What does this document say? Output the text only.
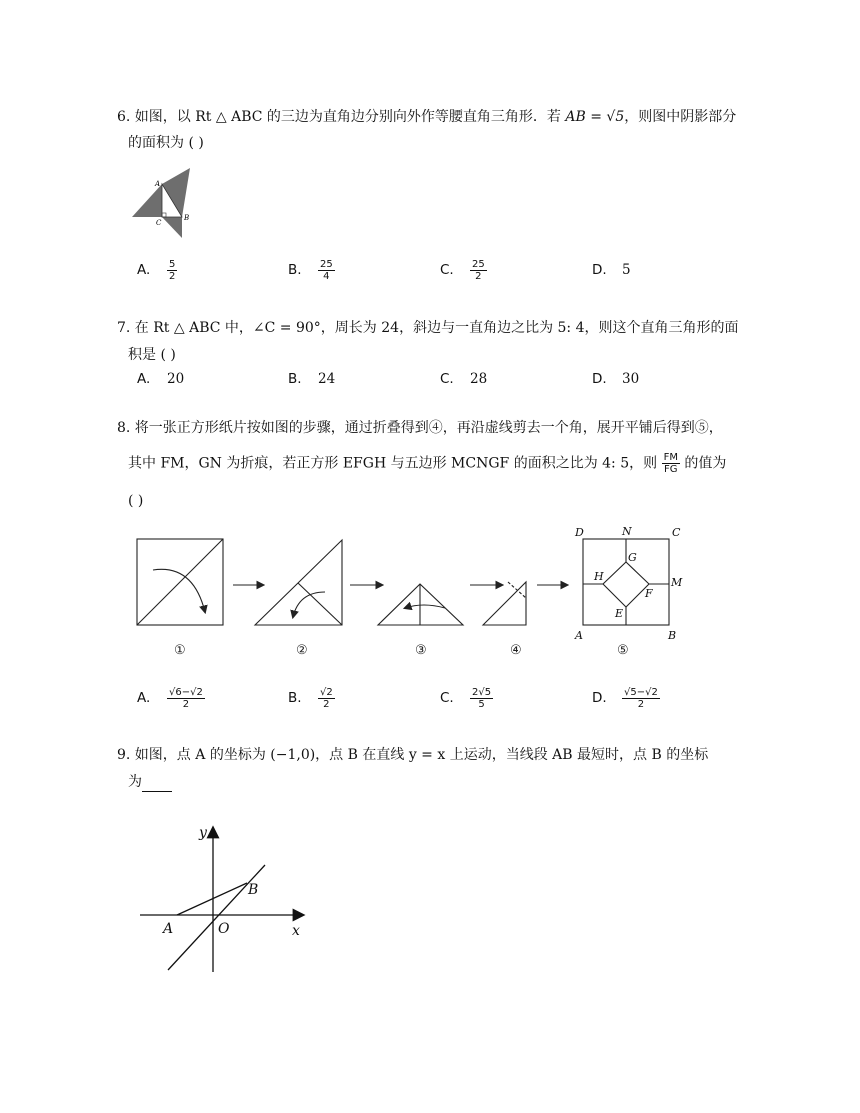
6. 如图，以 Rt △ ABC 的三边为直角边分别向外作等腰直角三角形．若 AB = √5，则图中阴影部分
的面积为 ( )
A
B
C
A. $\frac{5}{2}$	B. $\frac{25}{4}$	C. $\frac{25}{2}$	D. 5
7. 在 Rt △ ABC 中，∠C = 90°，周长为 24，斜边与一直角边之比为 5: 4，则这个直角三角形的面
积是 ( )
A. 20	B. 24	C. 28	D. 30
8. 将一张正方形纸片按如图的步骤，通过折叠得到④，再沿虚线剪去一个角，展开平铺后得到⑤，
其中 FM，GN 为折痕，若正方形 EFGH 与五边形 MCNGF 的面积之比为 4: 5，则 $\frac{FM}{FG}$ 的值为
( )
D	N	C
G
H	M
F
E
A	B
①	②	③	④	⑤
A. $\frac{√6-√2}{2}$	B. $\frac{√2}{2}$	C. $\frac{2√5}{5}$	D. $\frac{√5-√2}{2}$
9. 如图，点 A 的坐标为 (−1,0)，点 B 在直线 y = x 上运动，当线段 AB 最短时，点 B 的坐标
为
y
x
O
A
B
